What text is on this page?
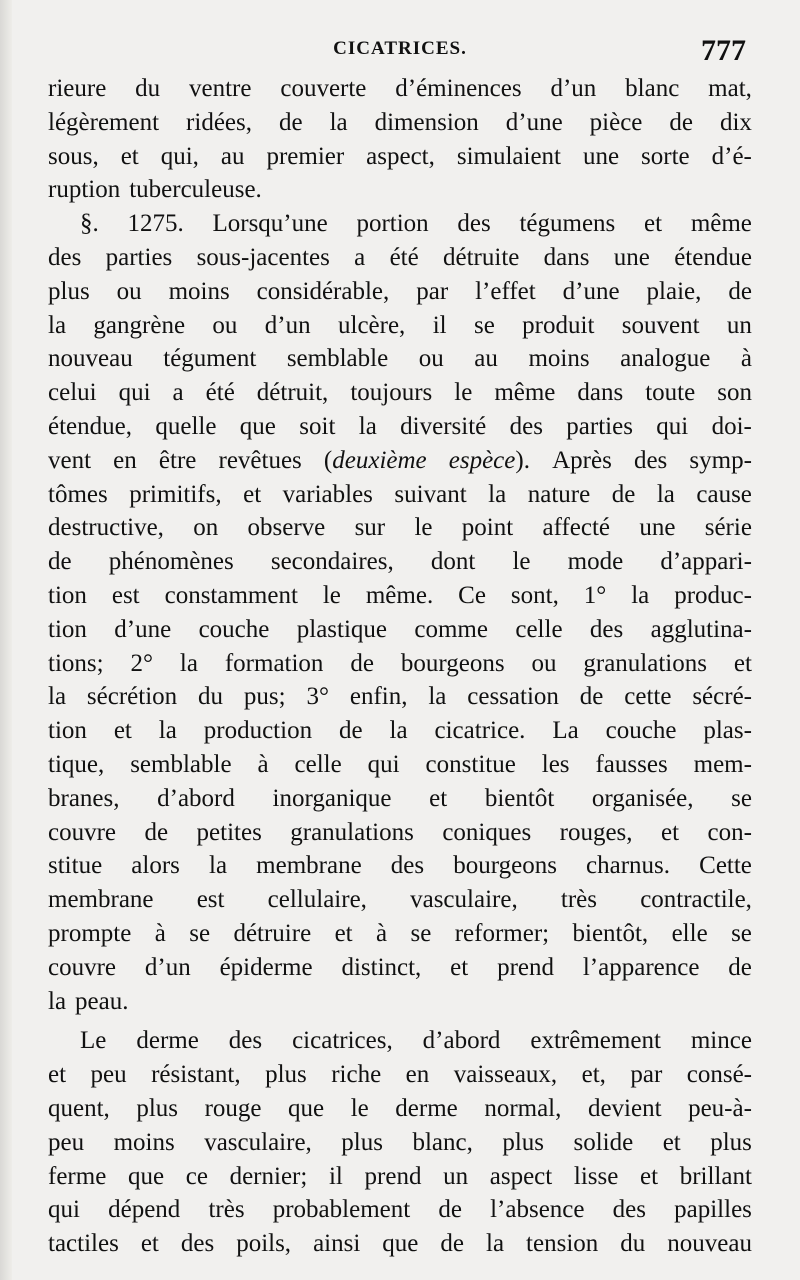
CICATRICES.	777
rieure du ventre couverte d’éminences d’un blanc mat,
légèrement ridées, de la dimension d’une pièce de dix
sous, et qui, au premier aspect, simulaient une sorte d’é-
ruption tuberculeuse.
§. 1275. Lorsqu’une portion des tégumens et même
des parties sous-jacentes a été détruite dans une étendue
plus ou moins considérable, par l’effet d’une plaie, de
la gangrène ou d’un ulcère, il se produit souvent un
nouveau tégument semblable ou au moins analogue à
celui qui a été détruit, toujours le même dans toute son
étendue, quelle que soit la diversité des parties qui doi-
vent en être revêtues (deuxième espèce). Après des symp-
tômes primitifs, et variables suivant la nature de la cause
destructive, on observe sur le point affecté une série
de phénomènes secondaires, dont le mode d’appari-
tion est constamment le même. Ce sont, 1° la produc-
tion d’une couche plastique comme celle des agglutina-
tions; 2° la formation de bourgeons ou granulations et
la sécrétion du pus; 3° enfin, la cessation de cette sécré-
tion et la production de la cicatrice. La couche plas-
tique, semblable à celle qui constitue les fausses mem-
branes, d’abord inorganique et bientôt organisée, se
couvre de petites granulations coniques rouges, et con-
stitue alors la membrane des bourgeons charnus. Cette
membrane est cellulaire, vasculaire, très contractile,
prompte à se détruire et à se reformer; bientôt, elle se
couvre d’un épiderme distinct, et prend l’apparence de
la peau.
Le derme des cicatrices, d’abord extrêmement mince
et peu résistant, plus riche en vaisseaux, et, par consé-
quent, plus rouge que le derme normal, devient peu-à-
peu moins vasculaire, plus blanc, plus solide et plus
ferme que ce dernier; il prend un aspect lisse et brillant
qui dépend très probablement de l’absence des papilles
tactiles et des poils, ainsi que de la tension du nouveau
